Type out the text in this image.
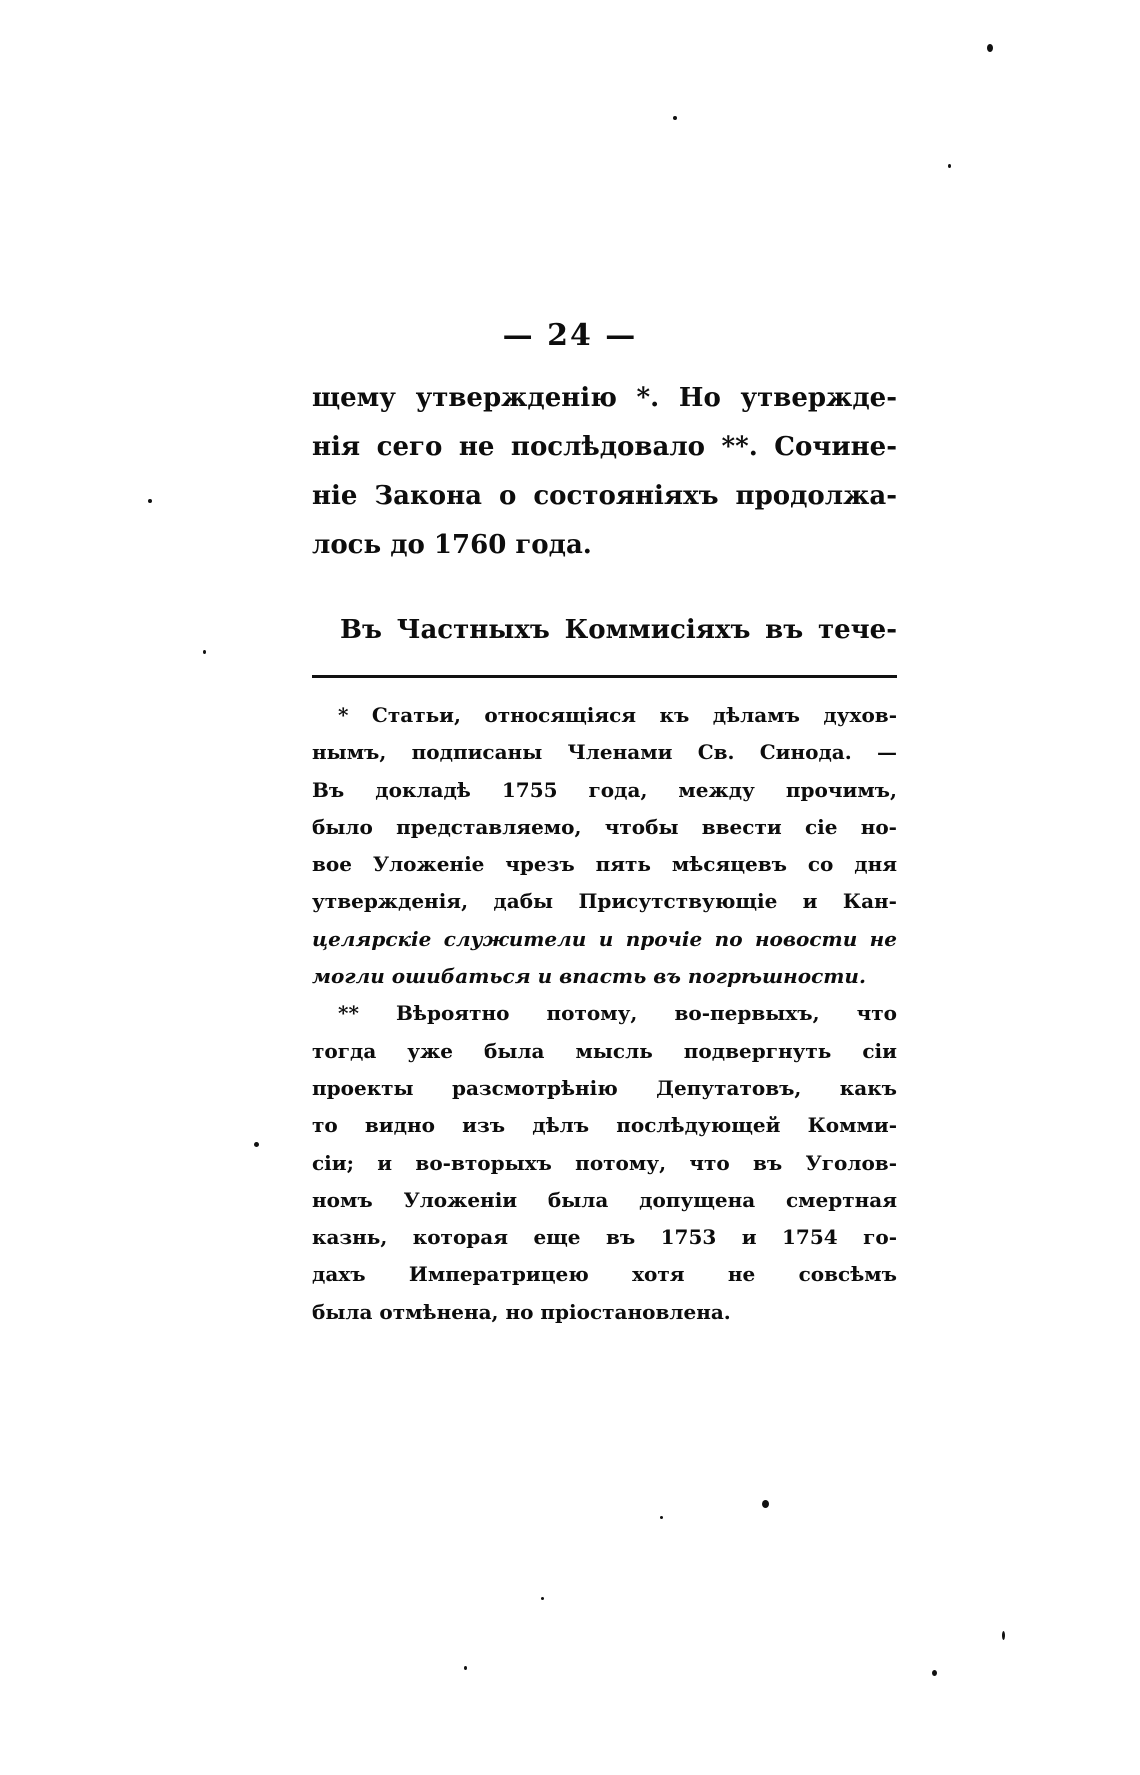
— 24 —
щему утвержденію *. Но утвержде-
нія сего не послѣдовало **. Сочине-
ніе Закона о состояніяхъ продолжа-
лось до 1760 года.
Въ Частныхъ Коммисіяхъ въ тече-
* Статьи, относящіяся къ дѣламъ духов-
нымъ, подписаны Членами Св. Синода. —
Въ докладѣ 1755 года, между прочимъ,
было представляемо, чтобы ввести сіе но-
вое Уложеніе чрезъ пять мѣсяцевъ со дня
утвержденія, дабы Присутствующіе и Кан-
целярскіе служители и прочіе по новости не
могли ошибаться и впасть въ погрѣшности.
** Вѣроятно потому, во-первыхъ, что
тогда уже была мысль подвергнуть сіи
проекты разсмотрѣнію Депутатовъ, какъ
то видно изъ дѣлъ послѣдующей Комми-
сіи; и во-вторыхъ потому, что въ Уголов-
номъ Уложеніи была допущена смертная
казнь, которая еще въ 1753 и 1754 го-
дахъ Императрицею хотя не совсѣмъ
была отмѣнена, но пріостановлена.
